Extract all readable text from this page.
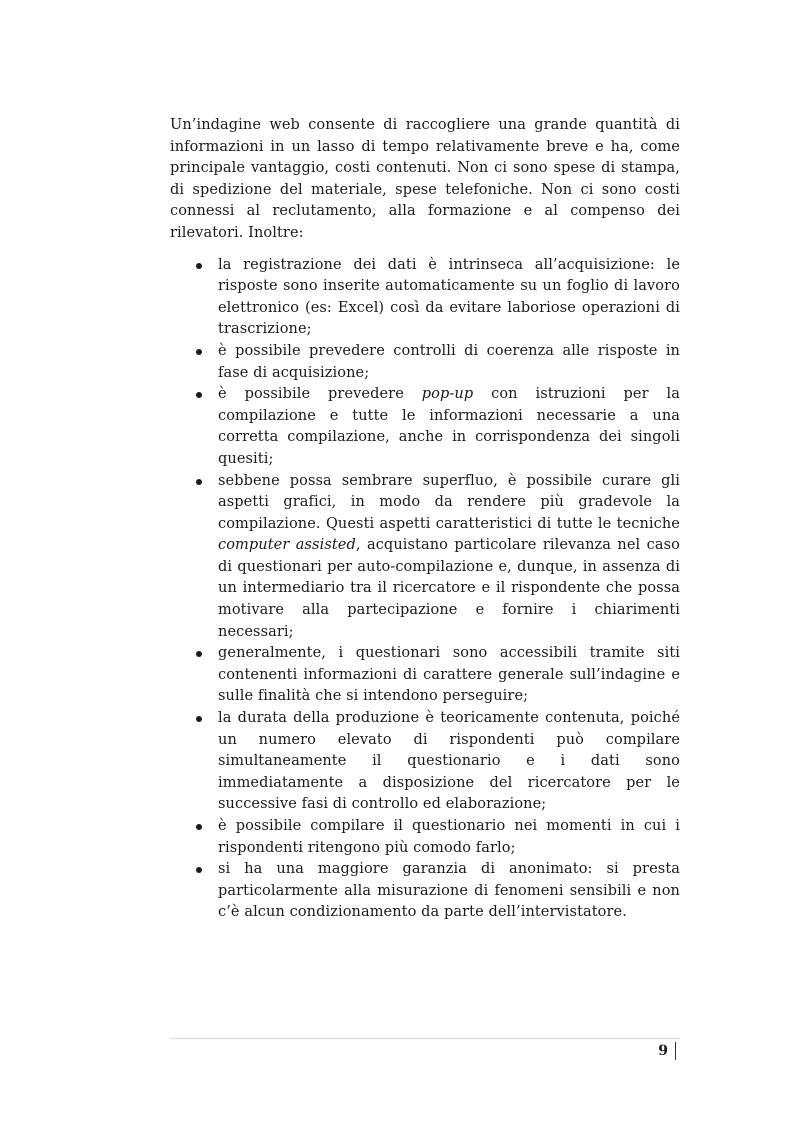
Un’indagine web consente di raccogliere una grande quantità di informazioni in un lasso di tempo relativamente breve e ha, come principale vantaggio, costi contenuti. Non ci sono spese di stampa, di spedizione del materiale, spese telefoniche. Non ci sono costi connessi al reclutamento, alla formazione e al compenso dei rilevatori. Inoltre:

la registrazione dei dati è intrinseca all’acquisizione: le risposte sono inserite automaticamente su un foglio di lavoro elettronico (es: Excel) così da evitare laboriose operazioni di trascrizione;
è possibile prevedere controlli di coerenza alle risposte in fase di acquisizione;
è possibile prevedere pop-up con istruzioni per la compilazione e tutte le informazioni necessarie a una corretta compilazione, anche in corrispondenza dei singoli quesiti;
sebbene possa sembrare superfluo, è possibile curare gli aspetti grafici, in modo da rendere più gradevole la compilazione. Questi aspetti caratteristici di tutte le tecniche computer assisted, acquistano particolare rilevanza nel caso di questionari per auto-compilazione e, dunque, in assenza di un intermediario tra il ricercatore e il rispondente che possa motivare alla partecipazione e fornire i chiarimenti necessari;
generalmente, i questionari sono accessibili tramite siti contenenti informazioni di carattere generale sull’indagine e sulle finalità che si intendono perseguire;
la durata della produzione è teoricamente contenuta, poiché un numero elevato di rispondenti può compilare simultaneamente il questionario e i dati sono immediatamente a disposizione del ricercatore per le successive fasi di controllo ed elaborazione;
è possibile compilare il questionario nei momenti in cui i rispondenti ritengono più comodo farlo;
si ha una maggiore garanzia di anonimato: si presta particolarmente alla misurazione di fenomeni sensibili e non c’è alcun condizionamento da parte dell’intervistatore.
9
